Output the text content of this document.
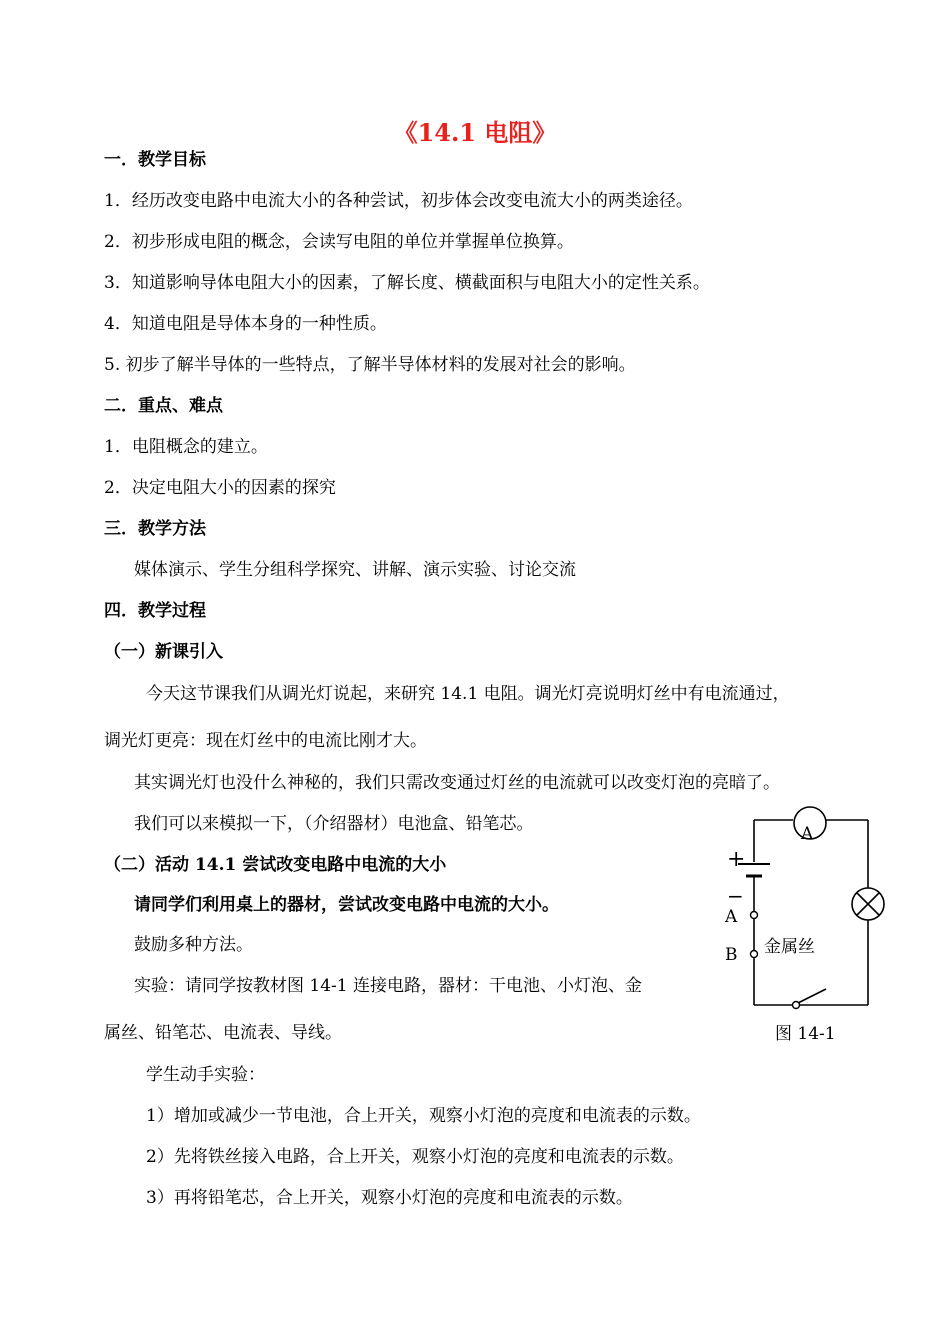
《14.1 电阻》
一．教学目标
1．经历改变电路中电流大小的各种尝试，初步体会改变电流大小的两类途径。
2．初步形成电阻的概念，会读写电阻的单位并掌握单位换算。
3．知道影响导体电阻大小的因素，了解长度、横截面积与电阻大小的定性关系。
4．知道电阻是导体本身的一种性质。
5. 初步了解半导体的一些特点，了解半导体材料的发展对社会的影响。
二．重点、难点
1．电阻概念的建立。
2．决定电阻大小的因素的探究
三．教学方法
媒体演示、学生分组科学探究、讲解、演示实验、讨论交流
四．教学过程
（一）新课引入
今天这节课我们从调光灯说起，来研究 14.1 电阻。调光灯亮说明灯丝中有电流通过，
调光灯更亮：现在灯丝中的电流比刚才大。
其实调光灯也没什么神秘的，我们只需改变通过灯丝的电流就可以改变灯泡的亮暗了。
我们可以来模拟一下，（介绍器材）电池盒、铅笔芯。
（二）活动 14.1 尝试改变电路中电流的大小
请同学们利用桌上的器材，尝试改变电路中电流的大小。
鼓励多种方法。
实验：请同学按教材图 14-1 连接电路，器材：干电池、小灯泡、金
属丝、铅笔芯、电流表、导线。
学生动手实验：
1）增加或减少一节电池，合上开关，观察小灯泡的亮度和电流表的示数。
2）先将铁丝接入电路，合上开关，观察小灯泡的亮度和电流表的示数。
3）再将铅笔芯，合上开关，观察小灯泡的亮度和电流表的示数。
A
+
−
A
B 金属丝
图 14-1
